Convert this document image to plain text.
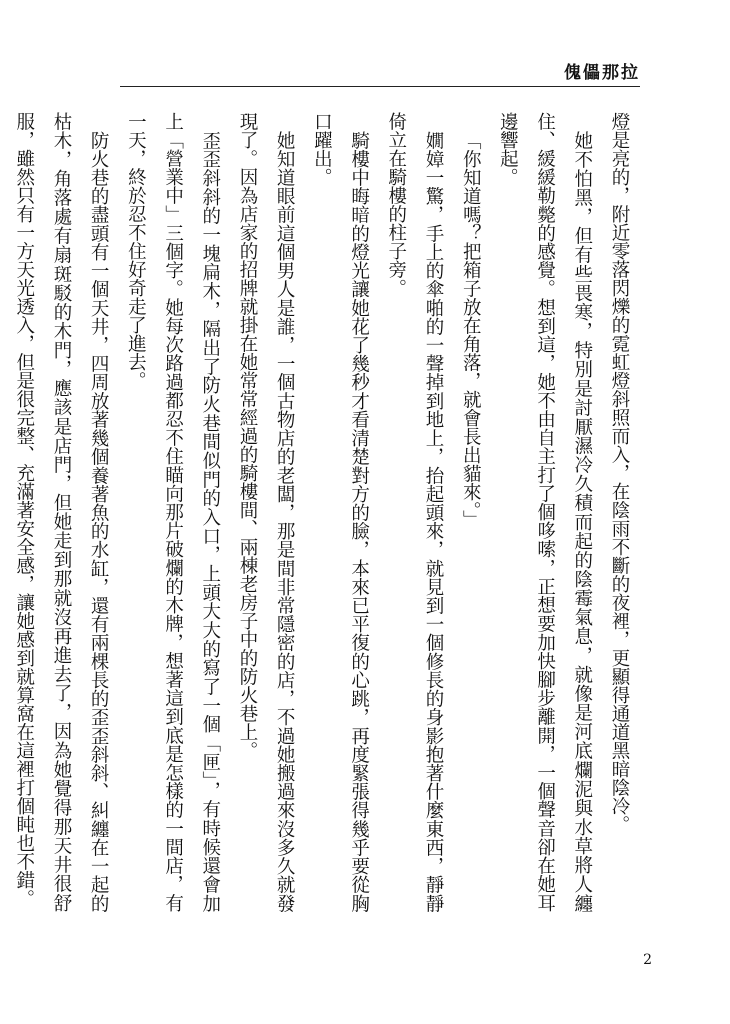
傀儡那拉

燈是亮的，附近零落閃爍的霓虹燈斜照而入，在陰雨不斷的夜裡，更顯得通道黑暗陰冷。

她不怕黑，但有些畏寒，特別是討厭濕冷久積而起的陰霉氣息，就像是河底爛泥與水草將人纏住、緩緩勒斃的感覺。想到這，她不由自主打了個哆嗦，正想要加快腳步離開，一個聲音卻在她耳邊響起。

「你知道嗎？把箱子放在角落，就會長出貓來。」

嫺嫜一驚，手上的傘啪的一聲掉到地上，抬起頭來，就見到一個修長的身影抱著什麼東西，靜靜倚立在騎樓的柱子旁。

騎樓中晦暗的燈光讓她花了幾秒才看清楚對方的臉，本來已平復的心跳，再度緊張得幾乎要從胸口躍出。

她知道眼前這個男人是誰，一個古物店的老闆，那是間非常隱密的店，不過她搬過來沒多久就發現了。因為店家的招牌就掛在她常常經過的騎樓間、兩棟老房子中的防火巷上。

歪歪斜斜的一塊扁木，隔出了防火巷間似門的入口，上頭大大的寫了一個「匣」，有時候還會加上「營業中」三個字。她每次路過都忍不住瞄向那片破爛的木牌，想著這到底是怎樣的一間店，有一天，終於忍不住好奇走了進去。

防火巷的盡頭有一個天井，四周放著幾個養著魚的水缸，還有兩棵長的歪歪斜斜、糾纏在一起的枯木，角落處有扇斑駁的木門，應該是店門，但她走到那就沒再進去了，因為她覺得那天井很舒服，雖然只有一方天光透入，但是很完整、充滿著安全感，讓她感到就算窩在這裡打個盹也不錯。

2
